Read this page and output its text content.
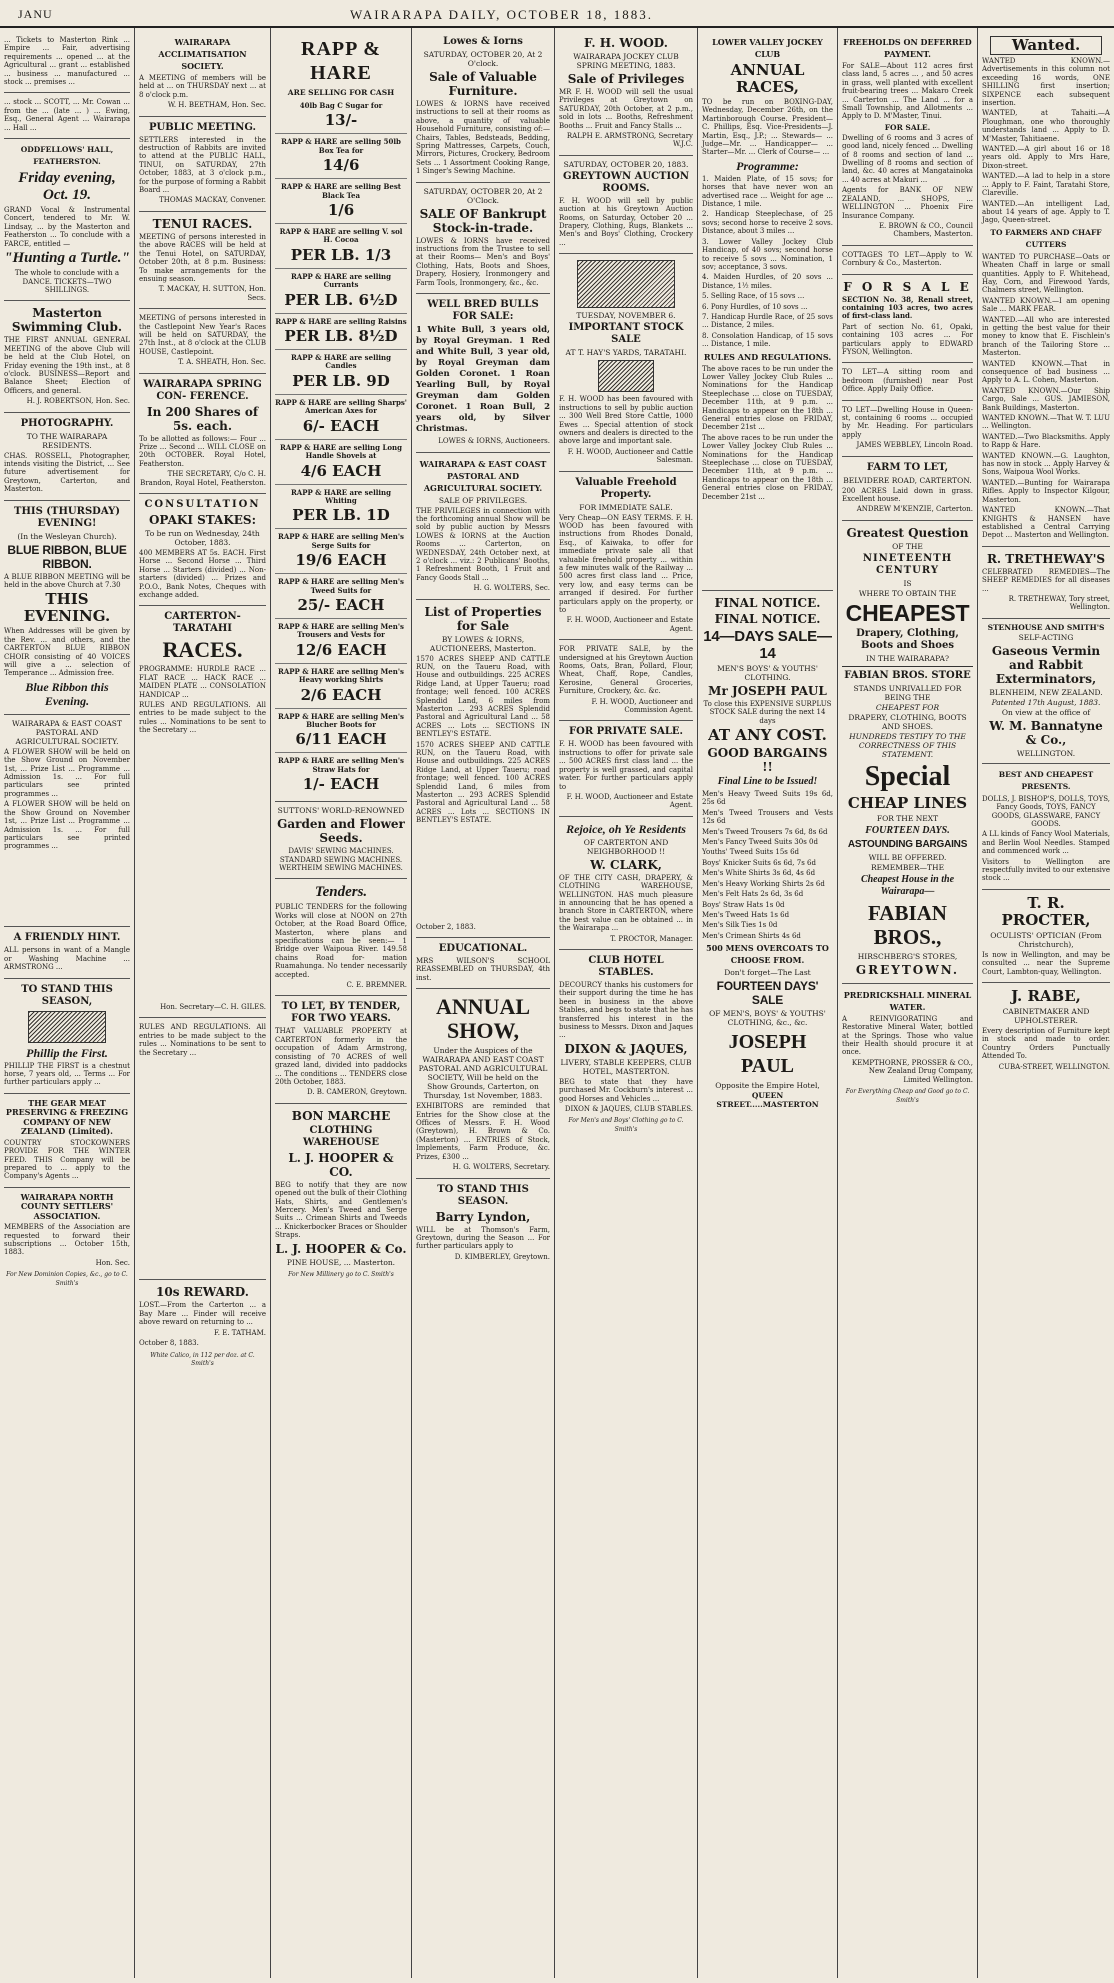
JANU	WAIRARAPA DAILY, OCTOBER 18, 1883.
... Tickets to Masterton Rink ... Empire ... Fair, advertising requirements ... opened ... at the Agricultural ... grant ... established ... business ... manufactured ... stock ... premises ...
... stock ... SCOTT, ... Mr. Cowan ... from the ... (late ... ) ... Ewing, Esq., General Agent ... Wairarapa ... Hall ...
ODDFELLOWS' HALL, FEATHERSTON.
Friday evening, Oct. 19.
GRAND Vocal & Instrumental Concert, tendered to Mr. W. Lindsay, ... by the Masterton and Featherston ... To conclude with a FARCE, entitled —
"Hunting a Turtle."
The whole to conclude with a DANCE. TICKETS—TWO SHILLINGS.
Masterton Swimming Club.
THE FIRST ANNUAL GENERAL MEETING of the above Club will be held at the Club Hotel, on Friday evening the 19th inst., at 8 o'clock. BUSINESS—Report and Balance Sheet; Election of Officers, and general.
H. J. ROBERTSON, Hon. Sec.
PHOTOGRAPHY.
TO THE WAIRARAPA RESIDENTS.
CHAS. ROSSELL, Photographer, intends visiting the District, ... See future advertisement for Greytown, Carterton, and Masterton.
THIS (THURSDAY) EVENING!
(In the Wesleyan Church).
BLUE RIBBON, BLUE RIBBON.
A BLUE RIBBON MEETING will be held in the above Church at 7.30
THIS EVENING.
When Addresses will be given by the Rev. ... and others, and the CARTERTON BLUE RIBBON CHOIR consisting of 40 VOICES will give a ... selection of Temperance ... Admission free.
Blue Ribbon this Evening.
WAIRARAPA & EAST COAST PASTORAL AND AGRICULTURAL SOCIETY.
A FLOWER SHOW will be held on the Show Ground on November 1st, ... Prize List ... Programme ... Admission 1s. ... For full particulars see printed programmes ...
A FLOWER SHOW will be held on the Show Ground on November 1st, ... Prize List ... Programme ... Admission 1s. ... For full particulars see printed programmes ...
A FRIENDLY HINT.
ALL persons in want of a Mangle or Washing Machine ... ARMSTRONG ...
TO STAND THIS SEASON,
Phillip the First.
PHILLIP THE FIRST is a chestnut horse, 7 years old, ... Terms ... For further particulars apply ...
THE GEAR MEAT PRESERVING & FREEZING COMPANY OF NEW ZEALAND (Limited).
COUNTRY STOCKOWNERS PROVIDE FOR THE WINTER FEED. THIS Company will be prepared to ... apply to the Company's Agents ...
WAIRARAPA NORTH COUNTY SETTLERS' ASSOCIATION.
MEMBERS of the Association are requested to forward their subscriptions ... October 15th, 1883.
Hon. Sec.
For New Dominion Copies, &c., go to C. Smith's
WAIRARAPA ACCLIMATISATION SOCIETY.
A MEETING of members will be held at ... on THURSDAY next ... at 8 o'clock p.m.
W. H. BEETHAM, Hon. Sec.
PUBLIC MEETING.
SETTLERS interested in the destruction of Rabbits are invited to attend at the PUBLIC HALL, TINUI, on SATURDAY, 27th October, 1883, at 3 o'clock p.m., for the purpose of forming a Rabbit Board ...
THOMAS MACKAY, Convener.
TENUI RACES.
MEETING of persons interested in the above RACES will be held at the Tenui Hotel, on SATURDAY, October 20th, at 8 p.m. Business: To make arrangements for the ensuing season.
T. MACKAY, H. SUTTON, Hon. Secs.
MEETING of persons interested in the Castlepoint New Year's Races will be held on SATURDAY, the 27th Inst., at 8 o'clock at the CLUB HOUSE, Castlepoint.
T. A. SHEATH, Hon. Sec.
WAIRARAPA SPRING CON- FERENCE.
In 200 Shares of 5s. each.
To be allotted as follows:— Four ... Prize ... Second ... WILL CLOSE on 20th OCTOBER. Royal Hotel, Featherston.
THE SECRETARY, C/o C. H. Brandon, Royal Hotel, Featherston.
CONSULTATION
OPAKI STAKES:
To be run on Wednesday, 24th October, 1883.
400 MEMBERS AT 5s. EACH. First Horse ... Second Horse ... Third Horse ... Starters (divided) ... Non-starters (divided) ... Prizes and P.O.O., Bank Notes, Cheques with exchange added.
CARTERTON-TARATAHI
RACES.
PROGRAMME: HURDLE RACE ... FLAT RACE ... HACK RACE ... MAIDEN PLATE ... CONSOLATION HANDICAP ...
RULES AND REGULATIONS. All entries to be made subject to the rules ... Nominations to be sent to the Secretary ...
Hon. Secretary—C. H. GILES.
RULES AND REGULATIONS. All entries to be made subject to the rules ... Nominations to be sent to the Secretary ...
10s REWARD.
LOST.—From the Carterton ... a Bay Mare ... Finder will receive above reward on returning to ...
F. E. TATHAM.
October 8, 1883.
White Calico, in 112 per doz. at C. Smith's
RAPP & HARE
ARE SELLING FOR CASH
40lb Bag C Sugar for
13/-
RAPP & HARE are selling 50lb Box Tea for
14/6
RAPP & HARE are selling Best Black Tea
1/6
RAPP & HARE are selling V. sol H. Cocoa
PER LB. 1/3
RAPP & HARE are selling Currants
PER LB. 6½D
RAPP & HARE are selling Raisins
PER LB. 8½D
RAPP & HARE are selling Candles
PER LB. 9D
RAPP & HARE are selling Sharps' American Axes for
6/- EACH
RAPP & HARE are selling Long Handle Shovels at
4/6 EACH
RAPP & HARE are selling Whiting
PER LB. 1D
RAPP & HARE are selling Men's Serge Suits for
19/6 EACH
RAPP & HARE are selling Men's Tweed Suits for
25/- EACH
RAPP & HARE are selling Men's Trousers and Vests for
12/6 EACH
RAPP & HARE are selling Men's Heavy working Shirts
2/6 EACH
RAPP & HARE are selling Men's Blucher Boots for
6/11 EACH
RAPP & HARE are selling Men's Straw Hats for
1/- EACH
SUTTONS' WORLD-RENOWNED
Garden and Flower Seeds.
DAVIS' SEWING MACHINES. STANDARD SEWING MACHINES. WERTHEIM SEWING MACHINES.
Tenders.
PUBLIC TENDERS for the following Works will close at NOON on 27th October, at the Road Board Office, Masterton, where plans and specifications can be seen:— 1 Bridge over Waipoua River. 149.58 chains Road for- mation Ruamahunga. No tender necessarily accepted.
C. E. BREMNER.
TO LET, BY TENDER, FOR TWO YEARS.
THAT VALUABLE PROPERTY at CARTERTON formerly in the occupation of Adam Armstrong, consisting of 70 ACRES of well grazed land, divided into paddocks ... The conditions ... TENDERS close 20th October, 1883.
D. B. CAMERON, Greytown.
BON MARCHE
CLOTHING WAREHOUSE
L. J. HOOPER & CO.
BEG to notify that they are now opened out the bulk of their Clothing Hats, Shirts, and Gentlemen's Mercery. Men's Tweed and Serge Suits ... Crimean Shirts and Tweeds ... Knickerbocker Braces or Shoulder Straps.
L. J. HOOPER & Co.
PINE HOUSE, ... Masterton.
For New Millinery go to C. Smith's
Lowes & Iorns
SATURDAY, OCTOBER 20, At 2 O'clock.
Sale of Valuable Furniture.
LOWES & IORNS have received instructions to sell at their rooms as above, a quantity of valuable Household Furniture, consisting of:— Chairs, Tables, Bedsteads, Bedding, Spring Mattresses, Carpets, Couch, Mirrors, Pictures, Crockery, Bedroom Sets ... 1 Assortment Cooking Range, 1 Singer's Sewing Machine.
SATURDAY, OCTOBER 20, At 2 O'Clock.
SALE OF Bankrupt Stock-in-trade.
LOWES & IORNS have received instructions from the Trustee to sell at their Rooms— Men's and Boys' Clothing, Hats, Boots and Shoes, Drapery, Hosiery, Ironmongery and Farm Tools, Ironmongery, &c., &c.
WELL BRED BULLS FOR SALE:
1 White Bull, 3 years old, by Royal Greyman. 1 Red and White Bull, 3 year old, by Royal Greyman dam Golden Coronet. 1 Roan Yearling Bull, by Royal Greyman dam Golden Coronet. 1 Roan Bull, 2 years old, by Silver Christmas.
LOWES & IORNS, Auctioneers.
WAIRARAPA & EAST COAST PASTORAL AND AGRICULTURAL SOCIETY.
SALE OF PRIVILEGES.
THE PRIVILEGES in connection with the forthcoming annual Show will be sold by public auction by Messrs LOWES & IORNS at the Auction Rooms ... Carterton, on WEDNESDAY, 24th October next, at 2 o'clock ... viz.: 2 Publicans' Booths, 1 Refreshment Booth, 1 Fruit and Fancy Goods Stall ...
H. G. WOLTERS, Sec.
List of Properties for Sale
BY LOWES & IORNS, AUCTIONEERS, Masterton.
1570 ACRES SHEEP AND CATTLE RUN, on the Taueru Road, with House and outbuildings. 225 ACRES Ridge Land, at Upper Taueru; road frontage; well fenced. 100 ACRES Splendid Land, 6 miles from Masterton ... 293 ACRES Splendid Pastoral and Agricultural Land ... 58 ACRES ... Lots ... SECTIONS IN BENTLEY'S ESTATE.
1570 ACRES SHEEP AND CATTLE RUN, on the Taueru Road, with House and outbuildings. 225 ACRES Ridge Land, at Upper Taueru; road frontage; well fenced. 100 ACRES Splendid Land, 6 miles from Masterton ... 293 ACRES Splendid Pastoral and Agricultural Land ... 58 ACRES ... Lots ... SECTIONS IN BENTLEY'S ESTATE.
October 2, 1883.
EDUCATIONAL.
MRS WILSON'S SCHOOL REASSEMBLED on THURSDAY, 4th inst.
ANNUAL SHOW,
Under the Auspices of the WAIRARAPA AND EAST COAST PASTORAL AND AGRICULTURAL SOCIETY, Will be held on the Show Grounds, Carterton, on Thursday, 1st November, 1883.
EXHIBITORS are reminded that Entries for the Show close at the Offices of Messrs. F. H. Wood (Greytown), H. Brown & Co. (Masterton) ... ENTRIES of Stock, Implements, Farm Produce, &c. Prizes, £300 ...
H. G. WOLTERS, Secretary.
TO STAND THIS SEASON.
Barry Lyndon,
WILL be at Thomson's Farm, Greytown, during the Season ... For further particulars apply to
D. KIMBERLEY, Greytown.
F. H. WOOD.
WAIRARAPA JOCKEY CLUB SPRING MEETING, 1883.
Sale of Privileges
MR F. H. WOOD will sell the usual Privileges at Greytown on SATURDAY, 20th October, at 2 p.m., sold in lots ... Booths, Refreshment Booths ... Fruit and Fancy Stalls ...
RALPH E. ARMSTRONG, Secretary W.J.C.
SATURDAY, OCTOBER 20, 1883.
GREYTOWN AUCTION ROOMS.
F. H. WOOD will sell by public auction at his Greytown Auction Rooms, on Saturday, October 20 ... Drapery, Clothing, Rugs, Blankets ... Men's and Boys' Clothing, Crockery ...
TUESDAY, NOVEMBER 6.
IMPORTANT STOCK SALE
AT T. HAY'S YARDS, TARATAHI.
F. H. WOOD has been favoured with instructions to sell by public auction ... 300 Well Bred Store Cattle, 1000 Ewes ... Special attention of stock owners and dealers is directed to the above large and important sale.
F. H. WOOD, Auctioneer and Cattle Salesman.
Valuable Freehold Property.
FOR IMMEDIATE SALE.
Very Cheap—ON EASY TERMS. F. H. WOOD has been favoured with instructions from Rhodes Donald, Esq., of Kaiwaka, to offer for immediate private sale all that valuable freehold property ... within a few minutes walk of the Railway ... 500 acres first class land ... Price, very low, and easy terms can be arranged if desired. For further particulars apply on the property, or to
F. H. WOOD, Auctioneer and Estate Agent.
FOR PRIVATE SALE, by the undersigned at his Greytown Auction Rooms, Oats, Bran, Pollard, Flour, Wheat, Chaff, Rope, Candles, Kerosine, General Groceries, Furniture, Crockery, &c. &c.
F. H. WOOD, Auctioneer and Commission Agent.
FOR PRIVATE SALE.
F. H. WOOD has been favoured with instructions to offer for private sale ... 500 ACRES first class land ... the property is well grassed, and capital water. For further particulars apply to
F. H. WOOD, Auctioneer and Estate Agent.
Rejoice, oh Ye Residents
OF CARTERTON AND NEIGHBORHOOD !!
W. CLARK,
OF THE CITY CASH, DRAPERY, & CLOTHING WAREHOUSE, WELLINGTON. HAS much pleasure in announcing that he has opened a branch Store in CARTERTON, where the best value can be obtained ... in the Wairarapa ...
T. PROCTOR, Manager.
CLUB HOTEL STABLES.
DECOURCY thanks his customers for their support during the time he has been in business in the above Stables, and begs to state that he has transferred his interest in the business to Messrs. Dixon and Jaques ...
DIXON & JAQUES,
LIVERY, STABLE KEEPERS, CLUB HOTEL, MASTERTON.
BEG to state that they have purchased Mr. Cockburn's interest ... good Horses and Vehicles ...
DIXON & JAQUES, CLUB STABLES.
For Men's and Boys' Clothing go to C. Smith's
LOWER VALLEY JOCKEY CLUB
ANNUAL RACES,
TO be run on BOXING-DAY, Wednesday, December 26th, on the Martinborough Course. President—C. Phillips, Esq. Vice-Presidents—J. Martin, Esq., J.P.; ... Stewards— ... Judge—Mr. ... Handicapper— ... Starter—Mr. ... Clerk of Course— ...
Programme:
1. Maiden Plate, of 15 sovs; for horses that have never won an advertised race ... Weight for age ... Distance, 1 mile.
2. Handicap Steeplechase, of 25 sovs; second horse to receive 2 sovs. Distance, about 3 miles ...
3. Lower Valley Jockey Club Handicap, of 40 sovs; second horse to receive 5 sovs ... Nomination, 1 sov; acceptance, 3 sovs.
4. Maiden Hurdles, of 20 sovs ... Distance, 1½ miles.
5. Selling Race, of 15 sovs ...
6. Pony Hurdles, of 10 sovs ...
7. Handicap Hurdle Race, of 25 sovs ... Distance, 2 miles.
8. Consolation Handicap, of 15 sovs ... Distance, 1 mile.
RULES AND REGULATIONS.
The above races to be run under the Lower Valley Jockey Club Rules ... Nominations for the Handicap Steeplechase ... close on TUESDAY, December 11th, at 9 p.m. ... Handicaps to appear on the 18th ... General entries close on FRIDAY, December 21st ...
The above races to be run under the Lower Valley Jockey Club Rules ... Nominations for the Handicap Steeplechase ... close on TUESDAY, December 11th, at 9 p.m. ... Handicaps to appear on the 18th ... General entries close on FRIDAY, December 21st ...
FINAL NOTICE.
FINAL NOTICE.
14—DAYS SALE—14
MEN'S BOYS' & YOUTHS' CLOTHING.
Mr JOSEPH PAUL
To close this EXPENSIVE SURPLUS STOCK SALE during the next 14 days
AT ANY COST.
GOOD BARGAINS !!
Final Line to be Issued!
Men's Heavy Tweed Suits 19s 6d, 25s 6d
Men's Tweed Trousers and Vests 12s 6d
Men's Tweed Trousers 7s 6d, 8s 6d
Men's Fancy Tweed Suits 30s 0d
Youths' Tweed Suits 15s 6d
Boys' Knicker Suits 6s 6d, 7s 6d
Men's White Shirts 3s 6d, 4s 6d
Men's Heavy Working Shirts 2s 6d
Men's Felt Hats 2s 6d, 3s 6d
Boys' Straw Hats 1s 0d
Men's Tweed Hats 1s 6d
Men's Silk Ties 1s 0d
Men's Crimean Shirts 4s 6d
500 MENS OVERCOATS TO CHOOSE FROM.
Don't forget—The Last
FOURTEEN DAYS' SALE
OF MEN'S, BOYS' & YOUTHS' CLOTHING, &c., &c.
JOSEPH PAUL
Opposite the Empire Hotel,
QUEEN STREET.....MASTERTON
FREEHOLDS ON DEFERRED PAYMENT.
For SALE—About 112 acres first class land, 5 acres ... , and 50 acres in grass, well planted with excellent fruit-bearing trees ... Makaro Creek ... Carterton ... The Land ... for a Small Township, and Allotments ... Apply to D. M'Master, Tinui.
FOR SALE.
Dwelling of 6 rooms and 3 acres of good land, nicely fenced ... Dwelling of 8 rooms and section of land ... Dwelling of 8 rooms and section of land, &c. 40 acres at Mangatainoka ... 40 acres at Makuri ...
Agents for BANK OF NEW ZEALAND, ... SHOPS, ... WELLINGTON ... Phoenix Fire Insurance Company.
E. BROWN & CO., Council Chambers, Masterton.
COTTAGES TO LET—Apply to W. Cornbury & Co., Masterton.
F O R S A L E
SECTION No. 38, Renall street, containing 103 acres, two acres of first-class land.
Part of section No. 61, Opaki, containing 103 acres ... For particulars apply to EDWARD FYSON, Wellington.
TO LET—A sitting room and bedroom (furnished) near Post Office. Apply Daily Office.
TO LET—Dwelling House in Queen-st, containing 6 rooms ... occupied by Mr. Heading. For particulars apply
JAMES WEBBLEY, Lincoln Road.
FARM TO LET,
BELVIDERE ROAD, CARTERTON.
200 ACRES Laid down in grass. Excellent house.
ANDREW M'KENZIE, Carterton.
Greatest Question
OF THE
NINETEENTH CENTURY
IS
WHERE TO OBTAIN THE
CHEAPEST
Drapery, Clothing, Boots and Shoes
IN THE WAIRARAPA?
FABIAN BROS. STORE
STANDS UNRIVALLED FOR BEING THE
CHEAPEST FOR
DRAPERY, CLOTHING, BOOTS AND SHOES.
HUNDREDS TESTIFY TO THE CORRECTNESS OF THIS STATEMENT.
Special
CHEAP LINES
FOR THE NEXT
FOURTEEN DAYS.
ASTOUNDING BARGAINS
WILL BE OFFERED.
REMEMBER—THE
Cheapest House in the Wairarapa—
FABIAN BROS.,
HIRSCHBERG'S STORES,
GREYTOWN.
PREDRICKSHALL MINERAL WATER.
A REINVIGORATING and Restorative Mineral Water, bottled at the Springs. Those who value their Health should procure it at once.
KEMPTHORNE, PROSSER & CO., New Zealand Drug Company, Limited Wellington.
For Everything Cheap and Good go to C. Smith's
Wanted.
WANTED KNOWN.—Advertisements in this column not exceeding 16 words, ONE SHILLING first insertion; SIXPENCE each subsequent insertion.
WANTED, at Tahaiti.—A Ploughman, one who thoroughly understands land ... Apply to D. M'Master, Tahitiaene.
WANTED.—A girl about 16 or 18 years old. Apply to Mrs Hare, Dixon-street.
WANTED.—A lad to help in a store ... Apply to F. Faint, Taratahi Store, Clareville.
WANTED.—An intelligent Lad, about 14 years of age. Apply to T. Jago, Queen-street.
TO FARMERS AND CHAFF CUTTERS
WANTED TO PURCHASE—Oats or Wheaten Chaff in large or small quantities. Apply to F. Whitehead, Hay, Corn, and Firewood Yards, Chalmers street, Wellington.
WANTED KNOWN.—I am opening Sale ... MARK FEAR.
WANTED.—All who are interested in getting the best value for their money to know that E. Fischlein's branch of the Tailoring Store ... Masterton.
WANTED KNOWN.—That in consequence of bad business ... Apply to A. L. Cohen, Masterton.
WANTED KNOWN.—Our Ship Cargo, Sale ... GUS. JAMIESON, Bank Buildings, Masterton.
WANTED KNOWN.—That W. T. LUU ... Wellington.
WANTED.—Two Blacksmiths. Apply to Rapp & Hare.
WANTED KNOWN.—G. Laughton, has now in stock ... Apply Harvey & Sons, Waipoua Wool Works.
WANTED.—Bunting for Wairarapa Rifles. Apply to Inspector Kilgour, Masterton.
WANTED KNOWN.—That KNIGHTS & HANSEN have established a Central Carrying Depot ... Masterton and Wellington.
R. TRETHEWAY'S
CELEBRATED REMEDIES—The SHEEP REMEDIES for all diseases ...
R. TRETHEWAY, Tory street, Wellington.
STENHOUSE AND SMITH'S
SELF-ACTING
Gaseous Vermin and Rabbit Exterminators,
BLENHEIM, NEW ZEALAND.
Patented 17th August, 1883.
On view at the office of
W. M. Bannatyne & Co.,
WELLINGTON.
BEST AND CHEAPEST PRESENTS.
DOLLS, J. BISHOP'S, DOLLS, TOYS, Fancy Goods, TOYS, FANCY GOODS, GLASSWARE, FANCY GOODS.
A LL kinds of Fancy Wool Materials, and Berlin Wool Needles. Stamped and commenced work ...
Visitors to Wellington are respectfully invited to our extensive stock ...
T. R. PROCTER,
OCULISTS' OPTICIAN (From Christchurch),
Is now in Wellington, and may be consulted ... near the Supreme Court, Lambton-quay, Wellington.
J. RABE,
CABINETMAKER AND UPHOLSTERER.
Every description of Furniture kept in stock and made to order. Country Orders Punctually Attended To.
CUBA-STREET, WELLINGTON.
